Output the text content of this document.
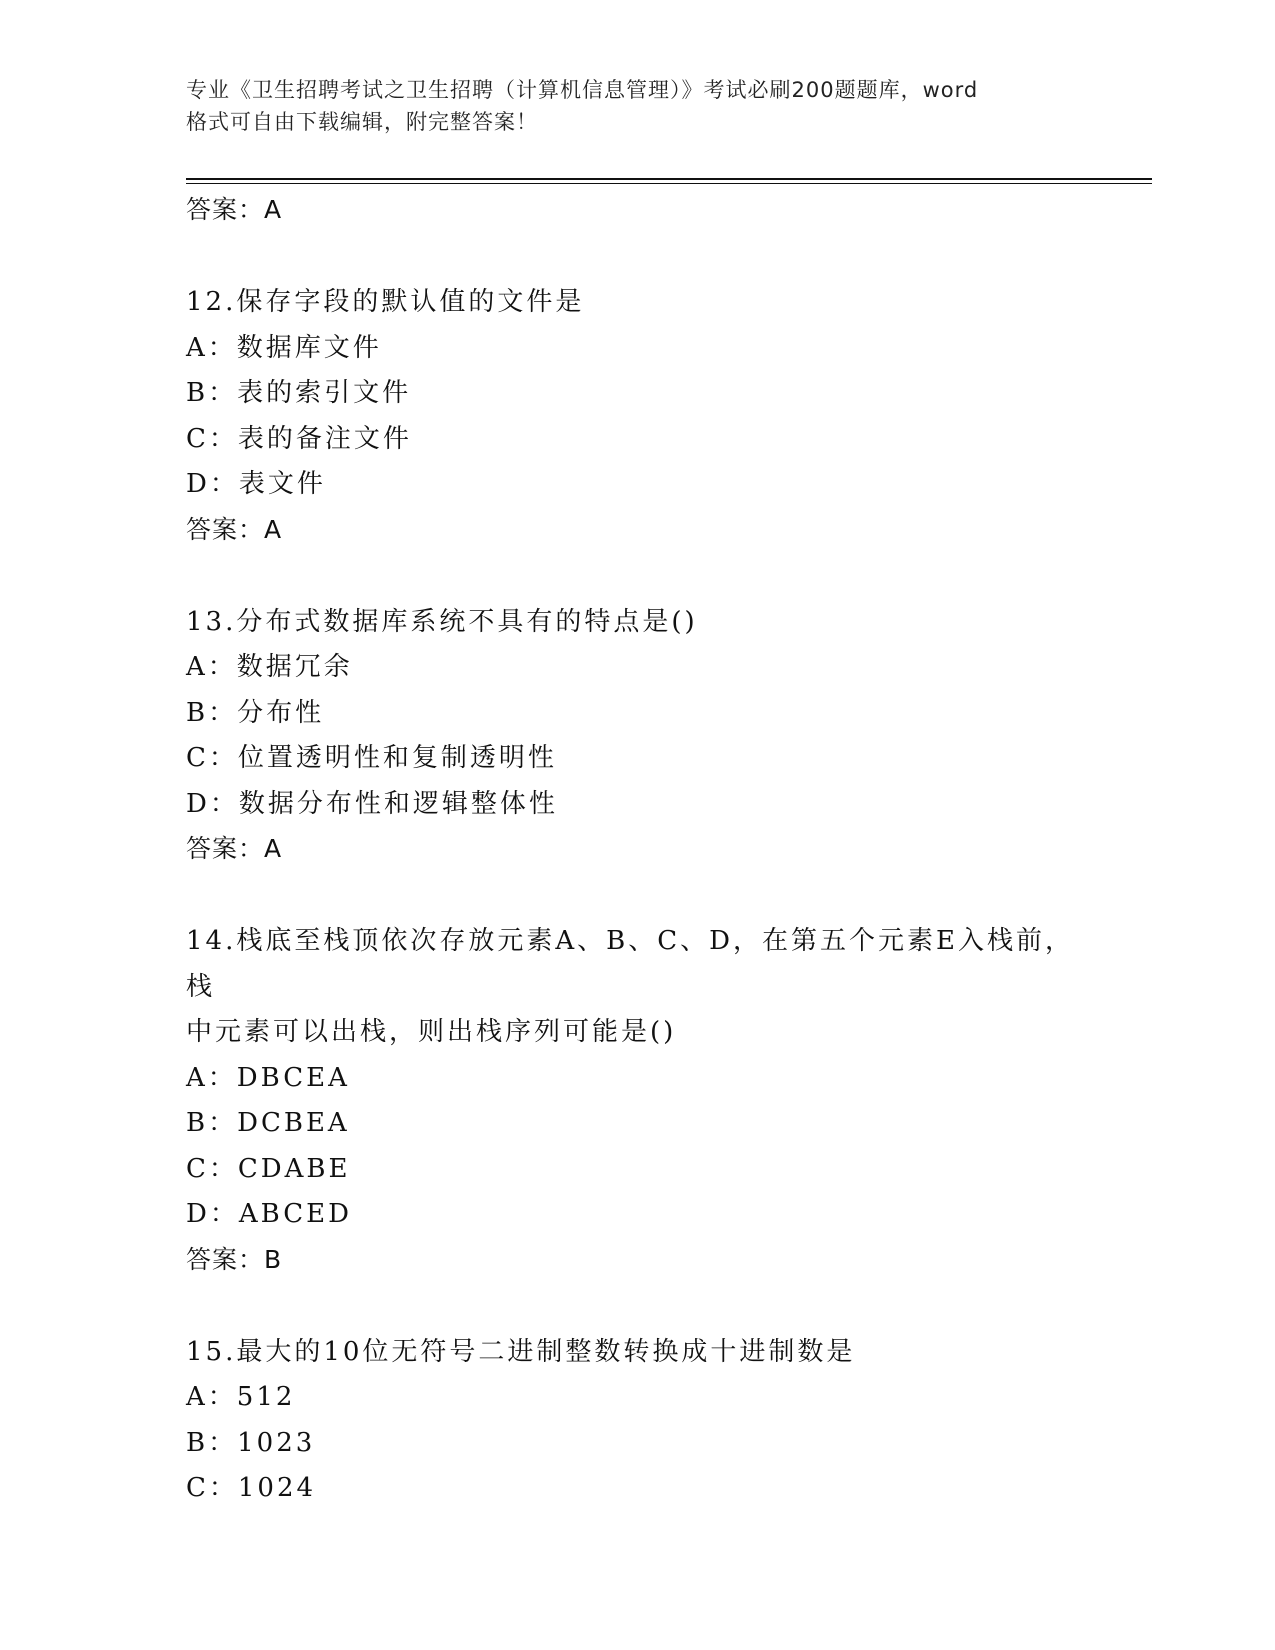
专业《卫生招聘考试之卫生招聘（计算机信息管理）》考试必刷200题题库，word
格式可自由下载编辑，附完整答案！
答案：A
12.保存字段的默认值的文件是
A：数据库文件
B：表的索引文件
C：表的备注文件
D：表文件
答案：A
13.分布式数据库系统不具有的特点是()
A：数据冗余
B：分布性
C：位置透明性和复制透明性
D：数据分布性和逻辑整体性
答案：A
14.栈底至栈顶依次存放元素A、B、C、D，在第五个元素E入栈前，栈
中元素可以出栈，则出栈序列可能是()
A：DBCEA
B：DCBEA
C：CDABE
D：ABCED
答案：B
15.最大的10位无符号二进制整数转换成十进制数是
A：512
B：1023
C：1024
